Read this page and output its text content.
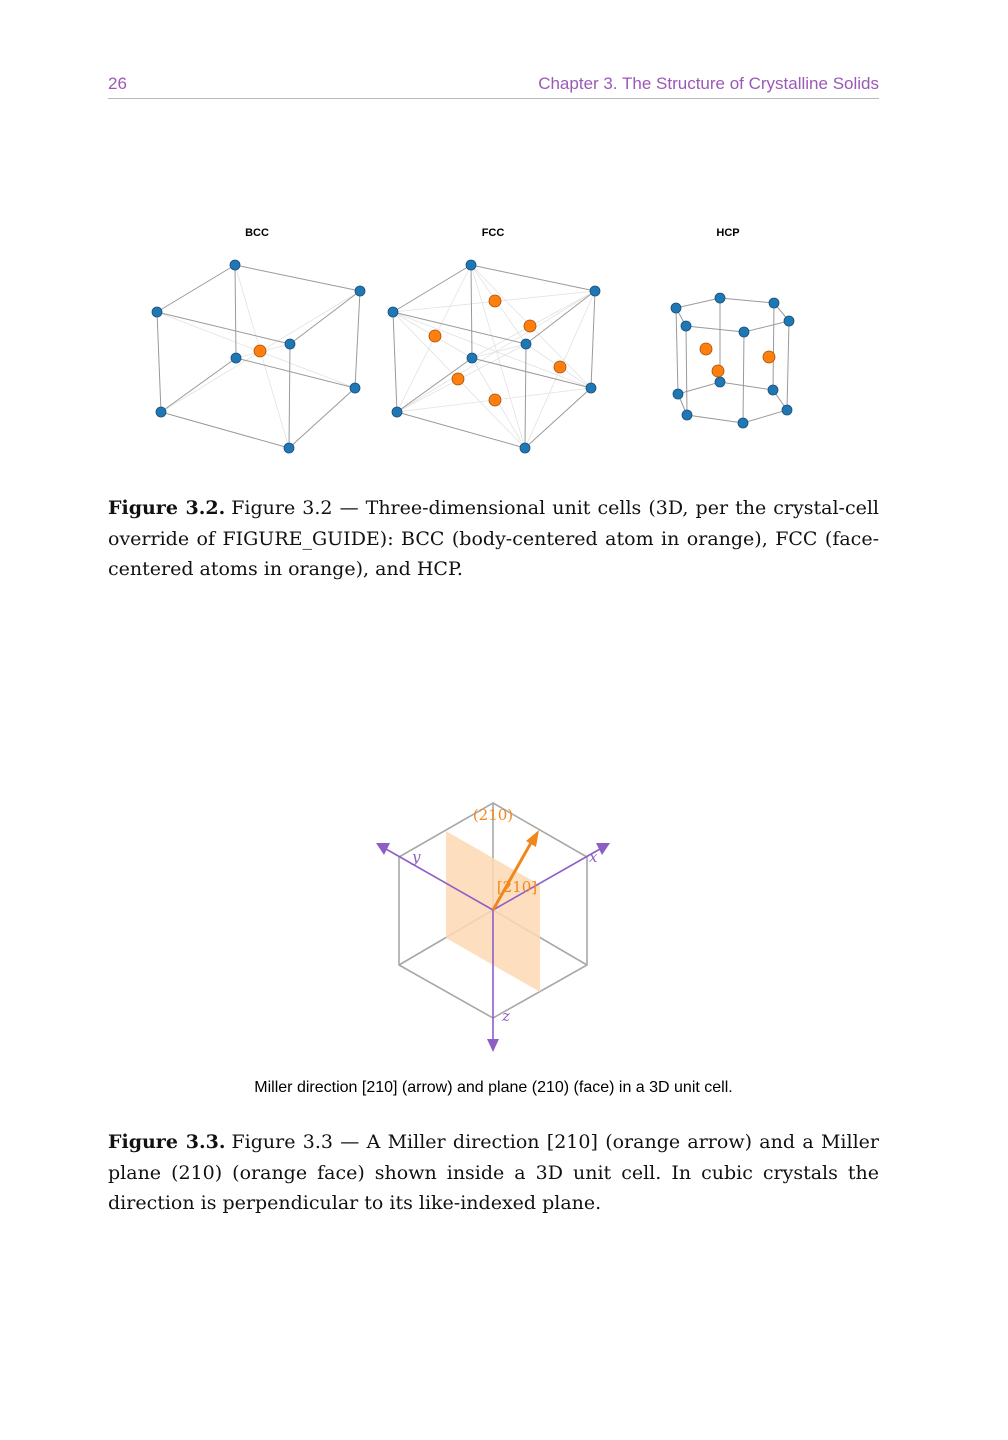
26	Chapter 3. The Structure of Crystalline Solids
BCC	FCC	HCP
Figure 3.2. Figure 3.2 — Three-dimensional unit cells (3D, per the crystal-cell override of FIGURE_GUIDE): BCC (body-centered atom in orange), FCC (face-centered atoms in orange), and HCP.
x
y
z
(210)
[210]
Miller direction [210] (arrow) and plane (210) (face) in a 3D unit cell.
Figure 3.3. Figure 3.3 — A Miller direction [210] (orange arrow) and a Miller plane (210) (orange face) shown inside a 3D unit cell. In cubic crystals the direction is perpendicular to its like-indexed plane.
